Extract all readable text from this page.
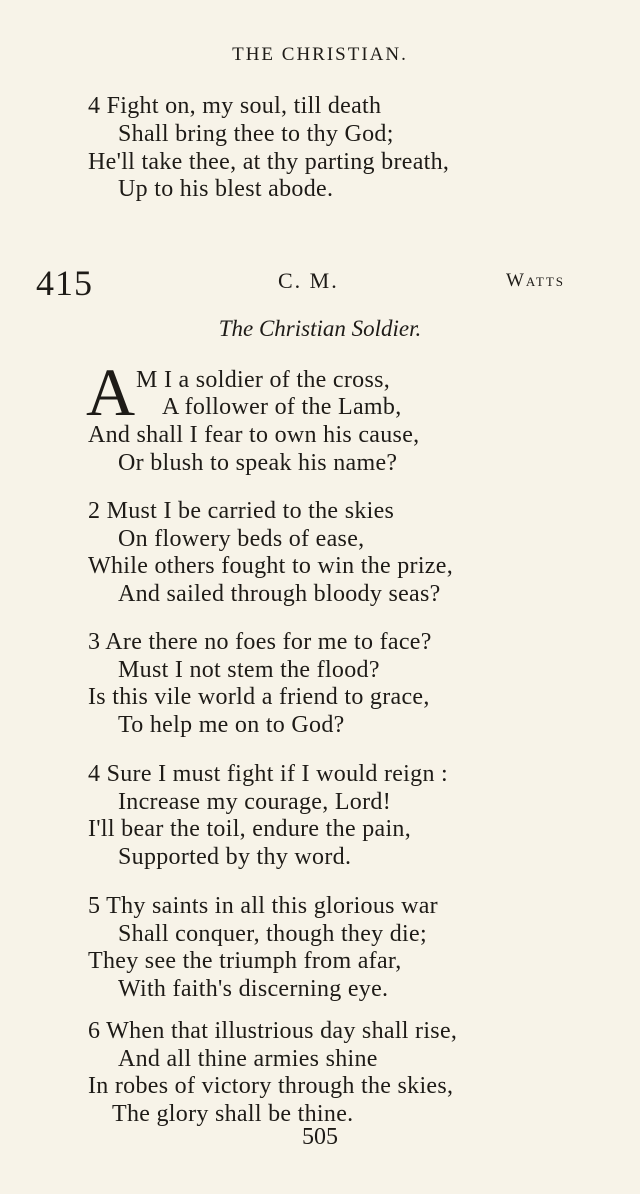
THE CHRISTIAN.
4 Fight on, my soul, till death
Shall bring thee to thy God;
He'll take thee, at thy parting breath,
Up to his blest abode.
415	C. M.	Watts
The Christian Soldier.
A M I a soldier of the cross,
A follower of the Lamb,
And shall I fear to own his cause,
Or blush to speak his name?
2 Must I be carried to the skies
On flowery beds of ease,
While others fought to win the prize,
And sailed through bloody seas?
3 Are there no foes for me to face?
Must I not stem the flood?
Is this vile world a friend to grace,
To help me on to God?
4 Sure I must fight if I would reign :
Increase my courage, Lord!
I'll bear the toil, endure the pain,
Supported by thy word.
5 Thy saints in all this glorious war
Shall conquer, though they die;
They see the triumph from afar,
With faith's discerning eye.
6 When that illustrious day shall rise,
And all thine armies shine
In robes of victory through the skies,
The glory shall be thine.
505
